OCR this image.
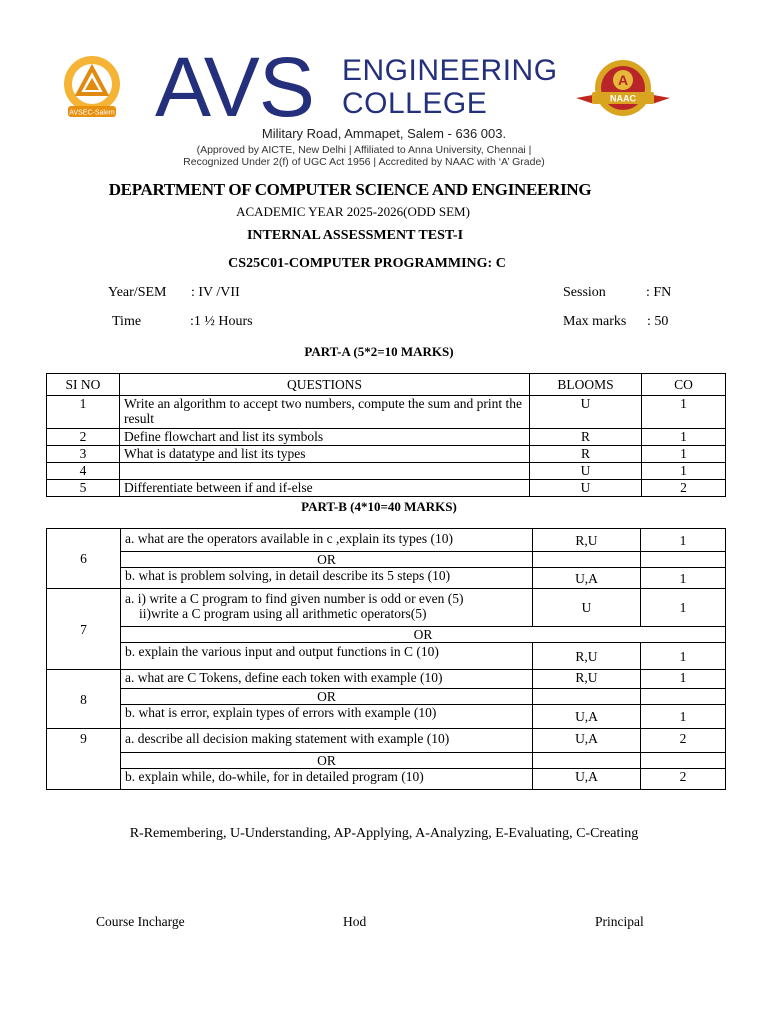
AVSEC-Salem AVS ENGINEERING
COLLEGE
A
NAAC
Military Road, Ammapet, Salem - 636 003.
(Approved by AICTE, New Delhi | Affiliated to Anna University, Chennai |
Recognized Under 2(f) of UGC Act 1956 | Accredited by NAAC with ‘A’ Grade)
DEPARTMENT OF COMPUTER SCIENCE AND ENGINEERING
ACADEMIC YEAR 2025-2026(ODD SEM)
INTERNAL ASSESSMENT TEST-I
CS25C01-COMPUTER PROGRAMMING: C
Year/SEM : IV /VII	Session	: FN
Time	:1 ½ Hours	Max marks : 50
PART-A (5*2=10 MARKS)
SI NO	QUESTIONS	BLOOMS	CO
1	Write an algorithm to accept two numbers, compute the sum and print the result	U	1
2	Define flowchart and list its symbols	R	1
3	What is datatype and list its types	R	1
4		U	1
5	Differentiate between if and if-else	U	2
PART-B (4*10=40 MARKS)
6	a. what are the operators available in c ,explain its types (10)	R,U	1
	OR		
	b. what is problem solving, in detail describe its 5 steps (10)	U,A	1
7	a. i) write a C program to find given number is odd or even (5)
ii)write a C program using all arithmetic operators(5)	U	1
	OR		
	b. explain the various input and output functions in C (10)	R,U	1
8	a. what are C Tokens, define each token with example (10)	R,U	1
	OR		
	b. what is error, explain types of errors with example (10)	U,A	1
9	a. describe all decision making statement with example (10)	U,A	2
	OR		
	b. explain while, do-while, for in detailed program (10)	U,A	2
R-Remembering, U-Understanding, AP-Applying, A-Analyzing, E-Evaluating, C-Creating
Course Incharge	Hod	Principal
